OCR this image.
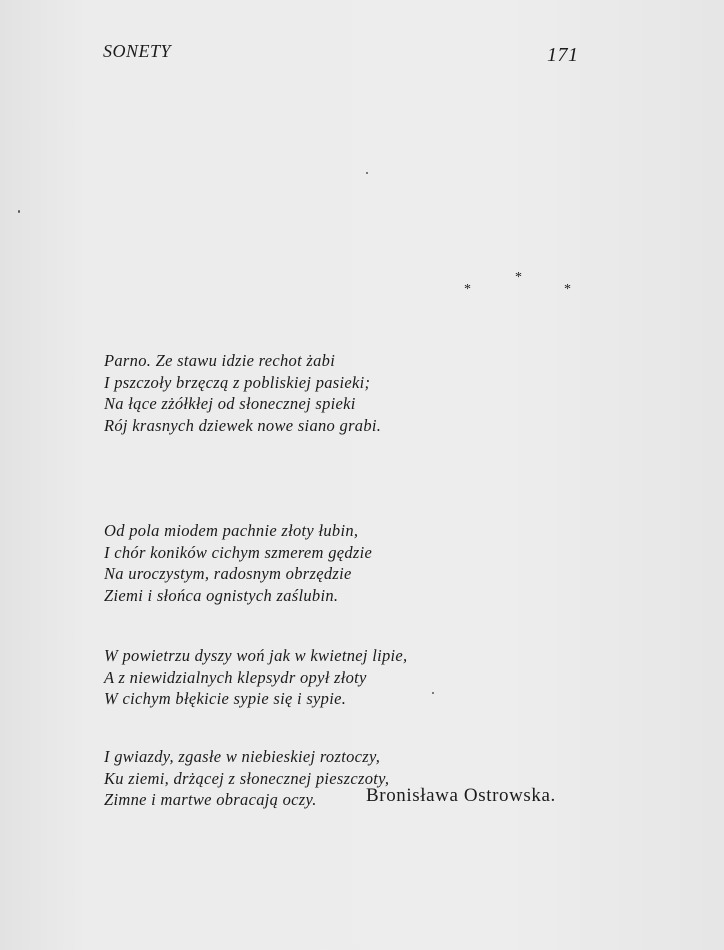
SONETY	171
*
*
*
Parno. Ze stawu idzie rechot żabi
I pszczoły brzęczą z pobliskiej pasieki;
Na łące zżółkłej od słonecznej spieki
Rój krasnych dziewek nowe siano grabi.
Od pola miodem pachnie złoty łubin,
I chór koników cichym szmerem gędzie
Na uroczystym, radosnym obrzędzie
Ziemi i słońca ognistych zaślubin.
W powietrzu dyszy woń jak w kwietnej lipie,
A z niewidzialnych klepsydr opył złoty
W cichym błękicie sypie się i sypie.
I gwiazdy, zgasłe w niebieskiej roztoczy,
Ku ziemi, drżącej z słonecznej pieszczoty,
Zimne i martwe obracają oczy.	Bronisława Ostrowska.
